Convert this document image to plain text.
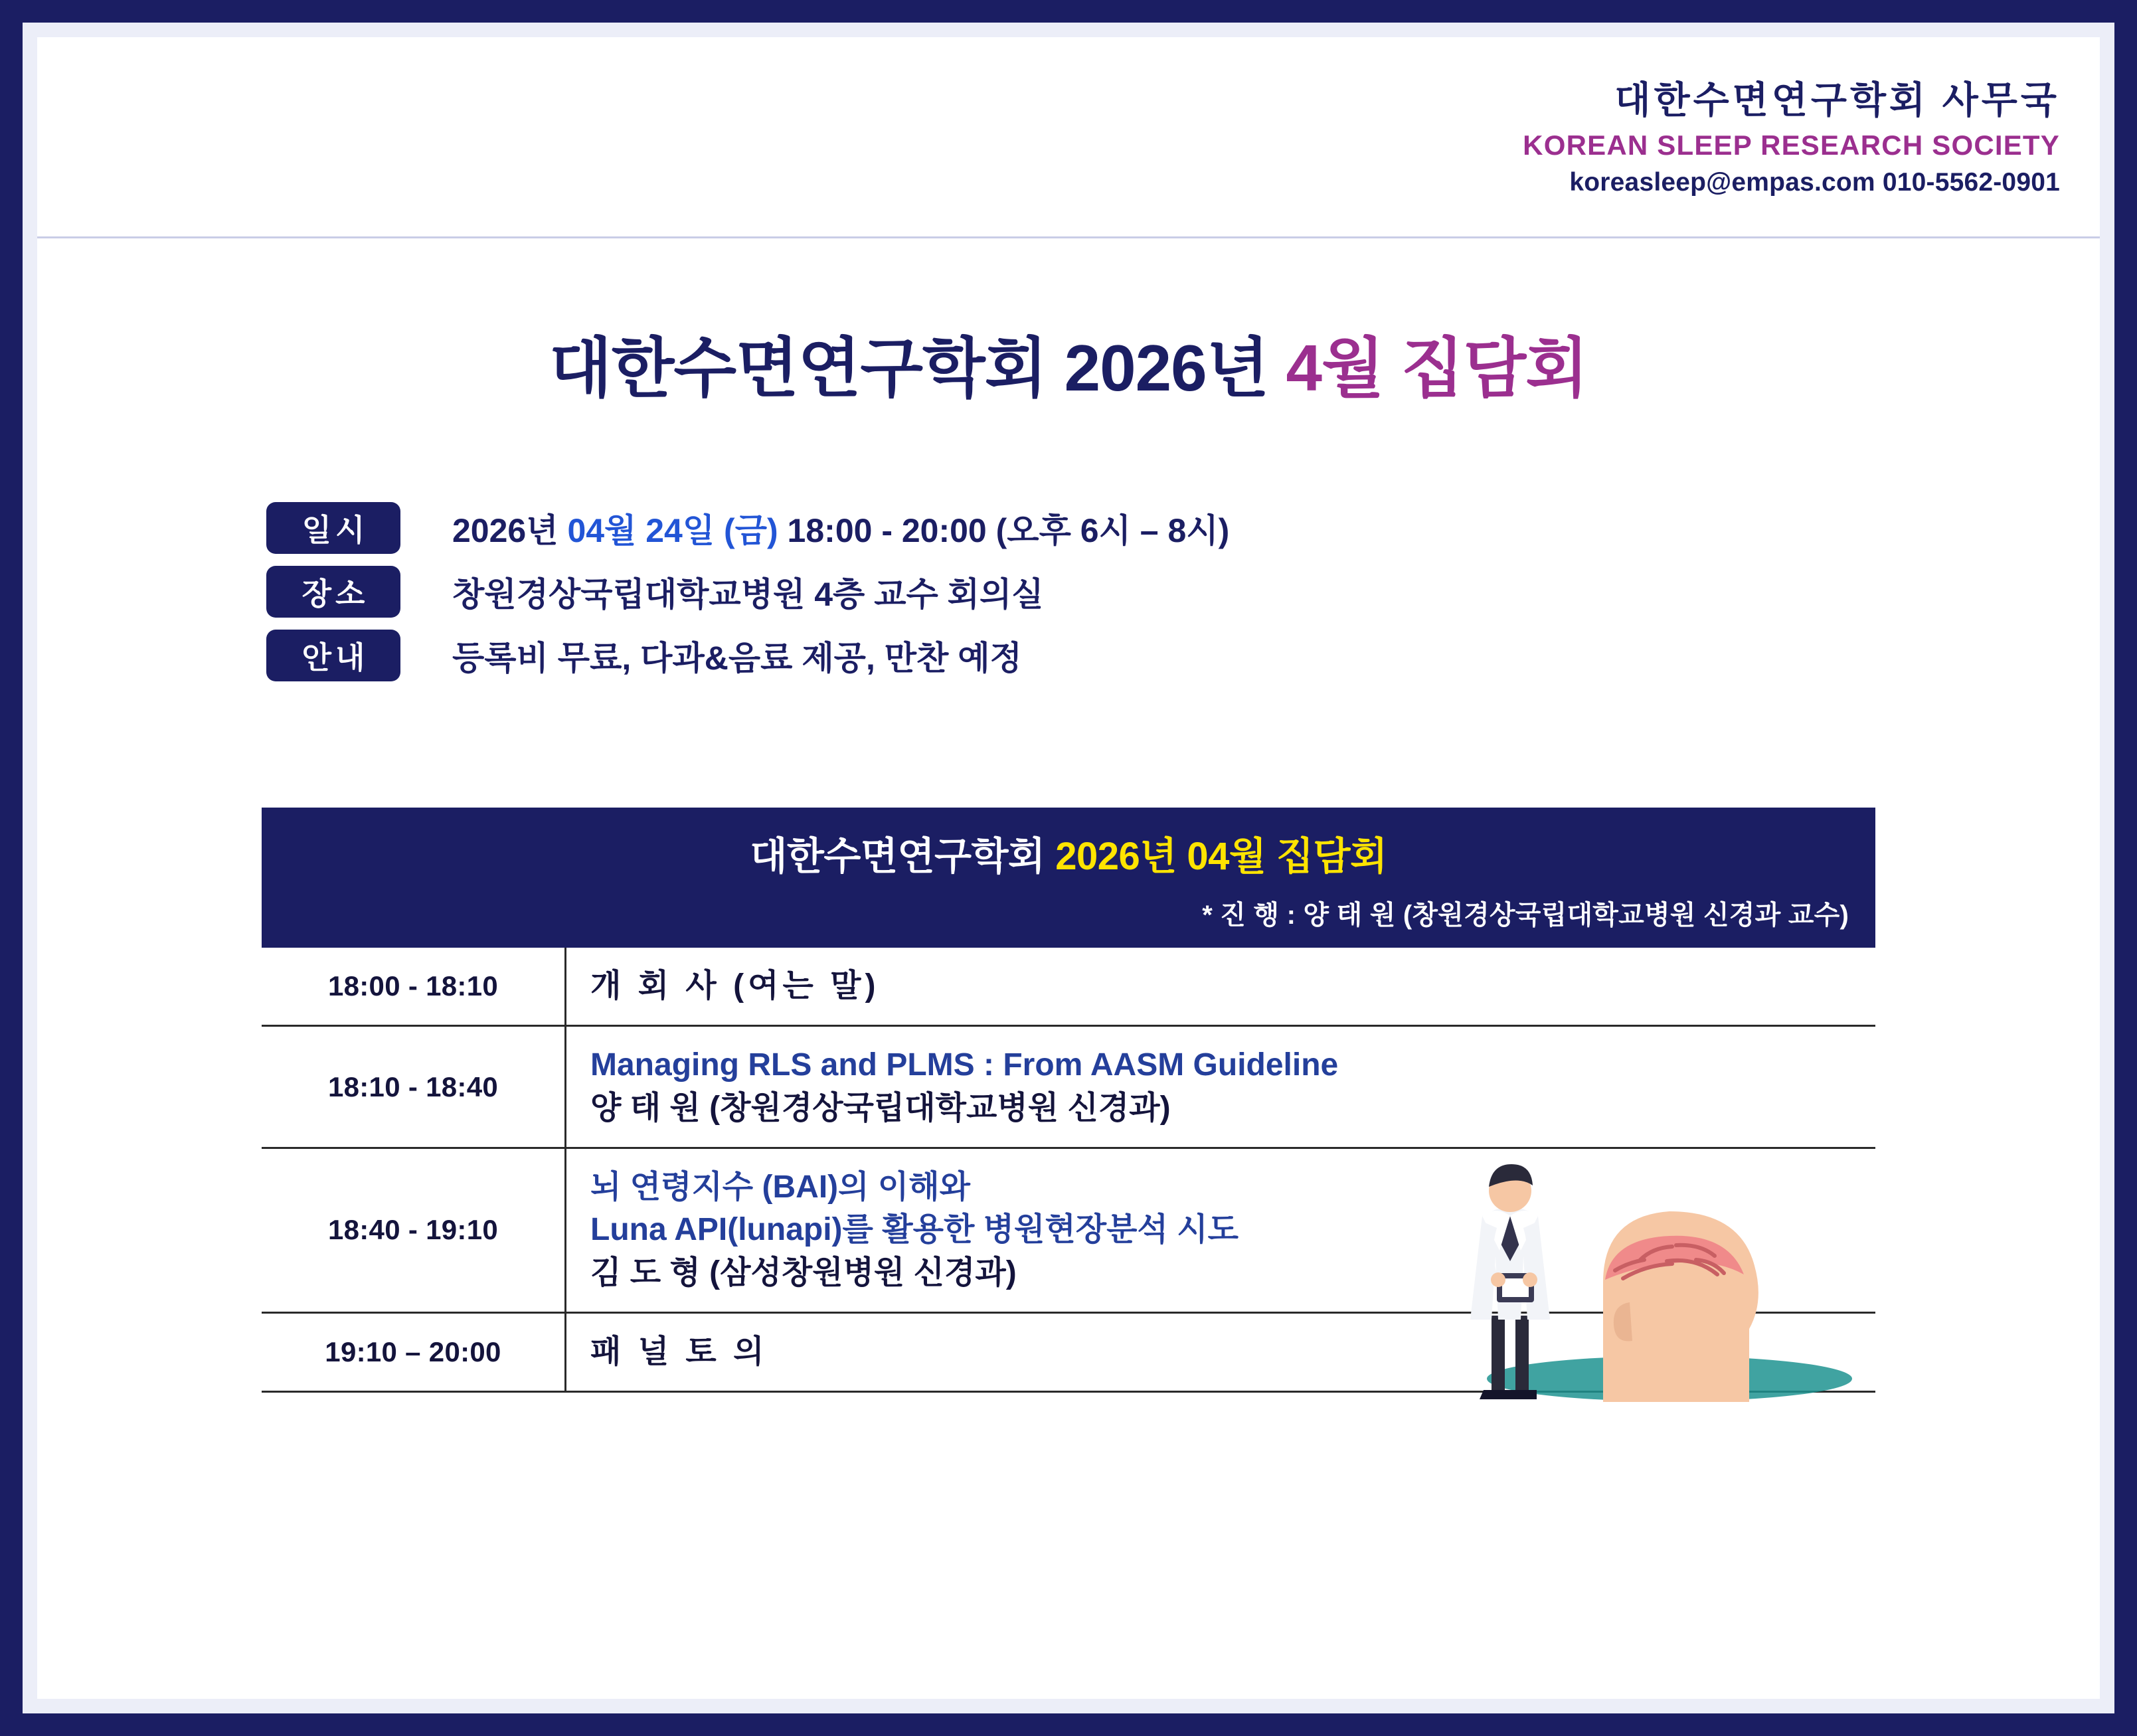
대한수면연구학회 사무국
KOREAN SLEEP RESEARCH SOCIETY
koreasleep@empas.com 010-5562-0901
대한수면연구학회 2026년 4월 집담회
일시	2026년 04월 24일 (금) 18:00 - 20:00 (오후 6시 – 8시)
장소	창원경상국립대학교병원 4층 교수 회의실
안내	등록비 무료, 다과&음료 제공, 만찬 예정
대한수면연구학회 2026년 04월 집담회
* 진 행 : 양 태 원 (창원경상국립대학교병원 신경과 교수)
18:00 - 18:10	개 회 사 (여는 말)
18:10 - 18:40
Managing RLS and PLMS : From AASM Guideline
양 태 원 (창원경상국립대학교병원 신경과)
18:40 - 19:10
뇌 연령지수 (BAI)의 이해와
Luna API(lunapi)를 활용한 병원현장분석 시도
김 도 형 (삼성창원병원 신경과)
19:10 – 20:00	패 널 토 의
